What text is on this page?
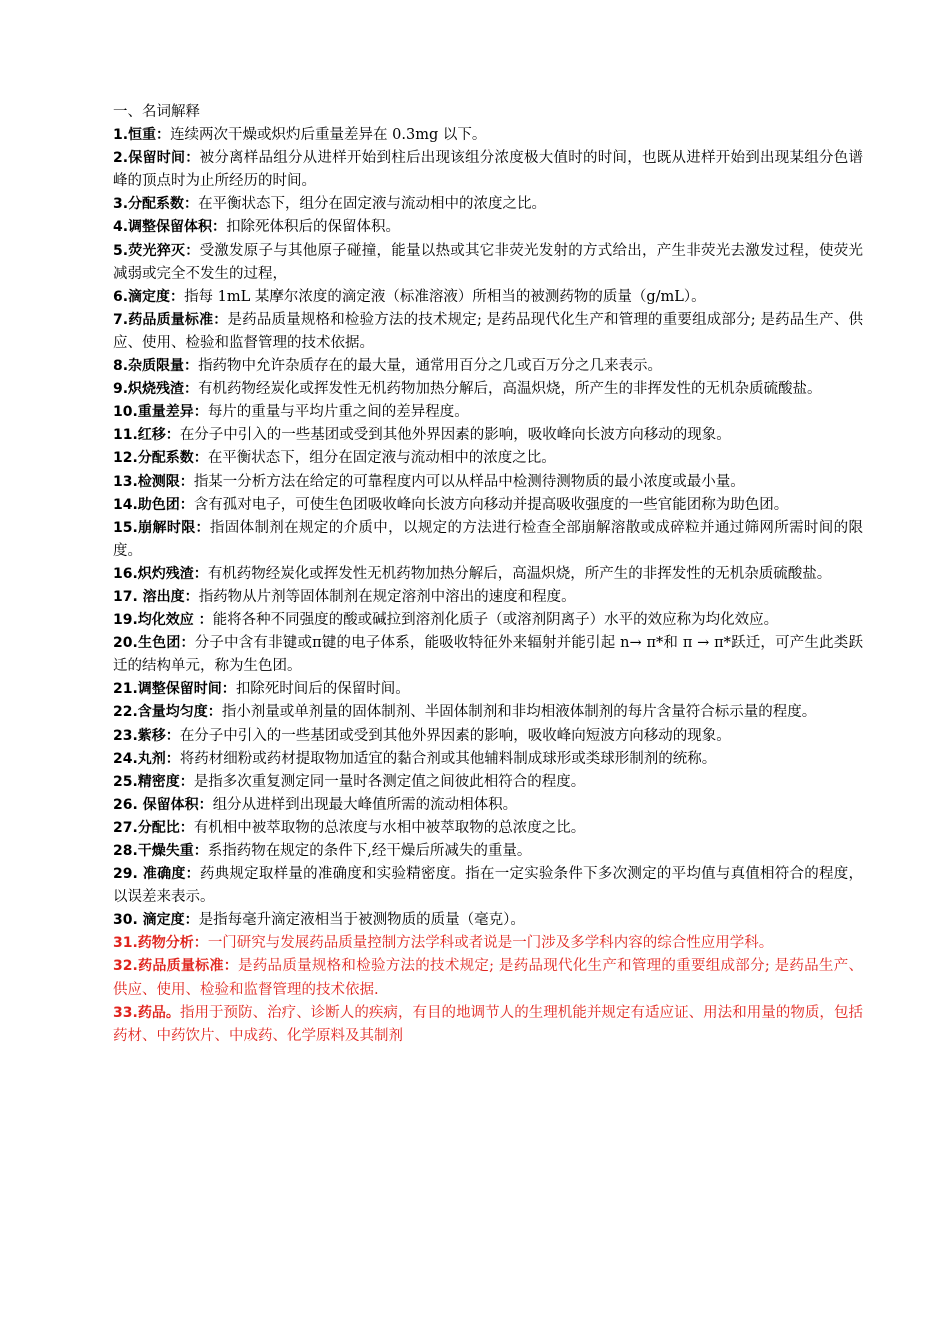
一、名词解释

1.恒重：连续两次干燥或炽灼后重量差异在 0.3mg 以下。

2.保留时间：被分离样品组分从进样开始到柱后出现该组分浓度极大值时的时间，也既从进样开始到出现某组分色谱峰的顶点时为止所经历的时间。

3.分配系数：在平衡状态下，组分在固定液与流动相中的浓度之比。

4.调整保留体积：扣除死体积后的保留体积。

5.荧光猝灭：受激发原子与其他原子碰撞，能量以热或其它非荧光发射的方式给出，产生非荧光去激发过程，使荧光减弱或完全不发生的过程，

6.滴定度：指每 1mL 某摩尔浓度的滴定液（标准溶液）所相当的被测药物的质量（g/mL）。

7.药品质量标准：是药品质量规格和检验方法的技术规定; 是药品现代化生产和管理的重要组成部分; 是药品生产、供应、使用、检验和监督管理的技术依据。

8.杂质限量：指药物中允许杂质存在的最大量，通常用百分之几或百万分之几来表示。

9.炽烧残渣：有机药物经炭化或挥发性无机药物加热分解后，高温炽烧，所产生的非挥发性的无机杂质硫酸盐。

10.重量差异：每片的重量与平均片重之间的差异程度。

11.红移：在分子中引入的一些基团或受到其他外界因素的影响，吸收峰向长波方向移动的现象。

12.分配系数：在平衡状态下，组分在固定液与流动相中的浓度之比。

13.检测限：指某一分析方法在给定的可靠程度内可以从样品中检测待测物质的最小浓度或最小量。

14.助色团：含有孤对电子，可使生色团吸收峰向长波方向移动并提高吸收强度的一些官能团称为助色团。

15.崩解时限：指固体制剂在规定的介质中，以规定的方法进行检查全部崩解溶散或成碎粒并通过筛网所需时间的限度。

16.炽灼残渣：有机药物经炭化或挥发性无机药物加热分解后，高温炽烧，所产生的非挥发性的无机杂质硫酸盐。

17. 溶出度：指药物从片剂等固体制剂在规定溶剂中溶出的速度和程度。

19.均化效应 ：能将各种不同强度的酸或碱拉到溶剂化质子（或溶剂阴离子）水平的效应称为均化效应。

20.生色团：分子中含有非键或π键的电子体系，能吸收特征外来辐射并能引起 n→ π*和 π → π*跃迁，可产生此类跃迁的结构单元，称为生色团。

21.调整保留时间：扣除死时间后的保留时间。

22.含量均匀度：指小剂量或单剂量的固体制剂、半固体制剂和非均相液体制剂的每片含量符合标示量的程度。

23.紫移：在分子中引入的一些基团或受到其他外界因素的影响，吸收峰向短波方向移动的现象。

24.丸剂：将药材细粉或药材提取物加适宜的黏合剂或其他辅料制成球形或类球形制剂的统称。

25.精密度：是指多次重复测定同一量时各测定值之间彼此相符合的程度。

26. 保留体积：组分从进样到出现最大峰值所需的流动相体积。

27.分配比：有机相中被萃取物的总浓度与水相中被萃取物的总浓度之比。

28.干燥失重：系指药物在规定的条件下,经干燥后所减失的重量。

29. 准确度：药典规定取样量的准确度和实验精密度。指在一定实验条件下多次测定的平均值与真值相符合的程度，以误差来表示。

30. 滴定度：是指每毫升滴定液相当于被测物质的质量（毫克）。

31.药物分析：一门研究与发展药品质量控制方法学科或者说是一门涉及多学科内容的综合性应用学科。

32.药品质量标准：是药品质量规格和检验方法的技术规定; 是药品现代化生产和管理的重要组成部分; 是药品生产、供应、使用、检验和监督管理的技术依据.

33.药品。指用于预防、治疗、诊断人的疾病，有目的地调节人的生理机能并规定有适应证、用法和用量的物质，包括药材、中药饮片、中成药、化学原料及其制剂
